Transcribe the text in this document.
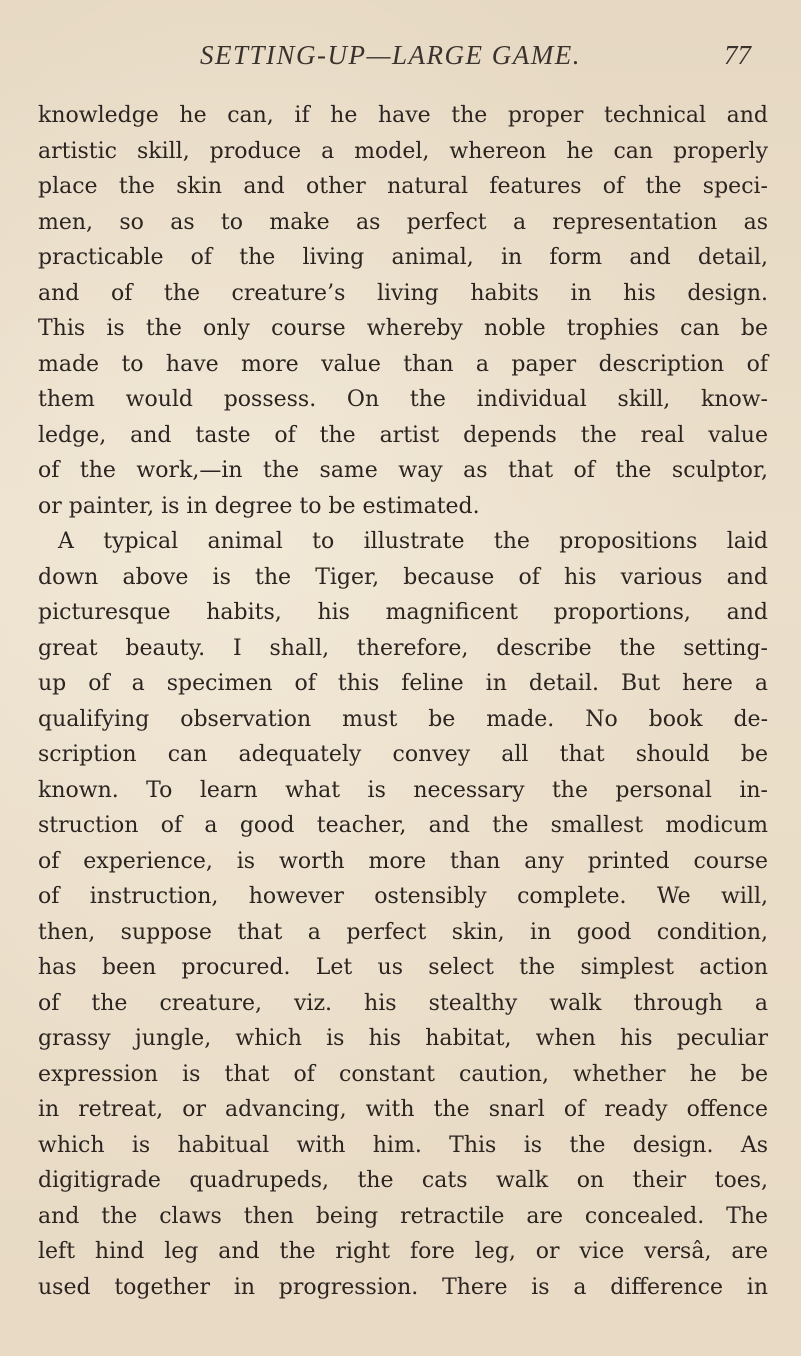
SETTING-UP—LARGE GAME.	77
knowledge he can, if he have the proper technical and
artistic skill, produce a model, whereon he can properly
place the skin and other natural features of the speci-
men, so as to make as perfect a representation as
practicable of the living animal, in form and detail,
and of the creature’s living habits in his design.
This is the only course whereby noble trophies can be
made to have more value than a paper description of
them would possess. On the individual skill, know-
ledge, and taste of the artist depends the real value
of the work,—in the same way as that of the sculptor,
or painter, is in degree to be estimated.
A typical animal to illustrate the propositions laid
down above is the Tiger, because of his various and
picturesque habits, his magnificent proportions, and
great beauty. I shall, therefore, describe the setting-
up of a specimen of this feline in detail. But here a
qualifying observation must be made. No book de-
scription can adequately convey all that should be
known. To learn what is necessary the personal in-
struction of a good teacher, and the smallest modicum
of experience, is worth more than any printed course
of instruction, however ostensibly complete. We will,
then, suppose that a perfect skin, in good condition,
has been procured. Let us select the simplest action
of the creature, viz. his stealthy walk through a
grassy jungle, which is his habitat, when his peculiar
expression is that of constant caution, whether he be
in retreat, or advancing, with the snarl of ready offence
which is habitual with him. This is the design. As
digitigrade quadrupeds, the cats walk on their toes,
and the claws then being retractile are concealed. The
left hind leg and the right fore leg, or vice versâ, are
used together in progression. There is a difference in
